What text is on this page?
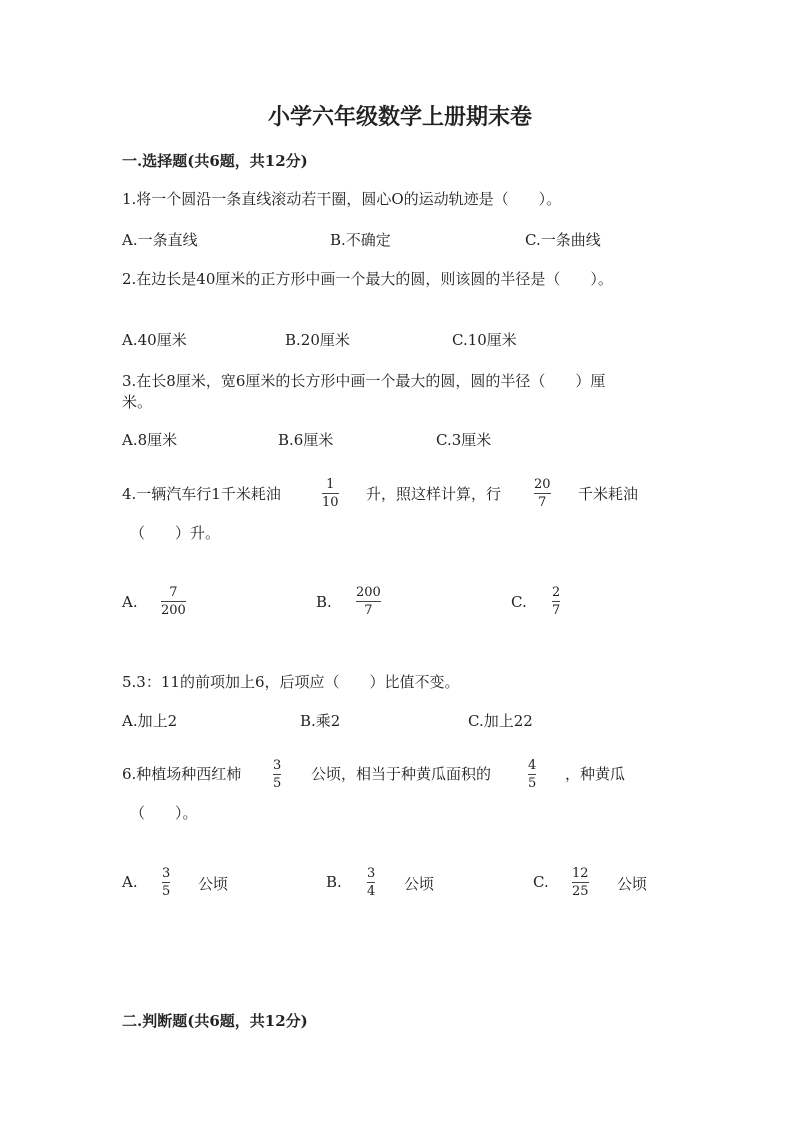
小学六年级数学上册期末卷
一.选择题(共6题，共12分)
1.将一个圆沿一条直线滚动若干圈，圆心O的运动轨迹是（　　）。
A.一条直线	B.不确定	C.一条曲线
2.在边长是40厘米的正方形中画一个最大的圆，则该圆的半径是（　　）。
A.40厘米	B.20厘米	C.10厘米
3.在长8厘米，宽6厘米的长方形中画一个最大的圆，圆的半径（　　）厘
米。
A.8厘米	B.6厘米	C.3厘米
4.一辆汽车行1千米耗油
1
10 升，照这样计算，行
20
7 千米耗油
（　　）升。
A.
7
200	B.
200
7	C.
2
7
5.3：11的前项加上6，后项应（　　）比值不变。
A.加上2	B.乘2	C.加上22
6.种植场种西红柿 3
5
公顷，相当于种黄瓜面积的	4
5
，种黄瓜
（　　）。
A. 3
5 公顷	B. 3
4 公顷	C. 12
25 公顷
二.判断题(共6题，共12分)
